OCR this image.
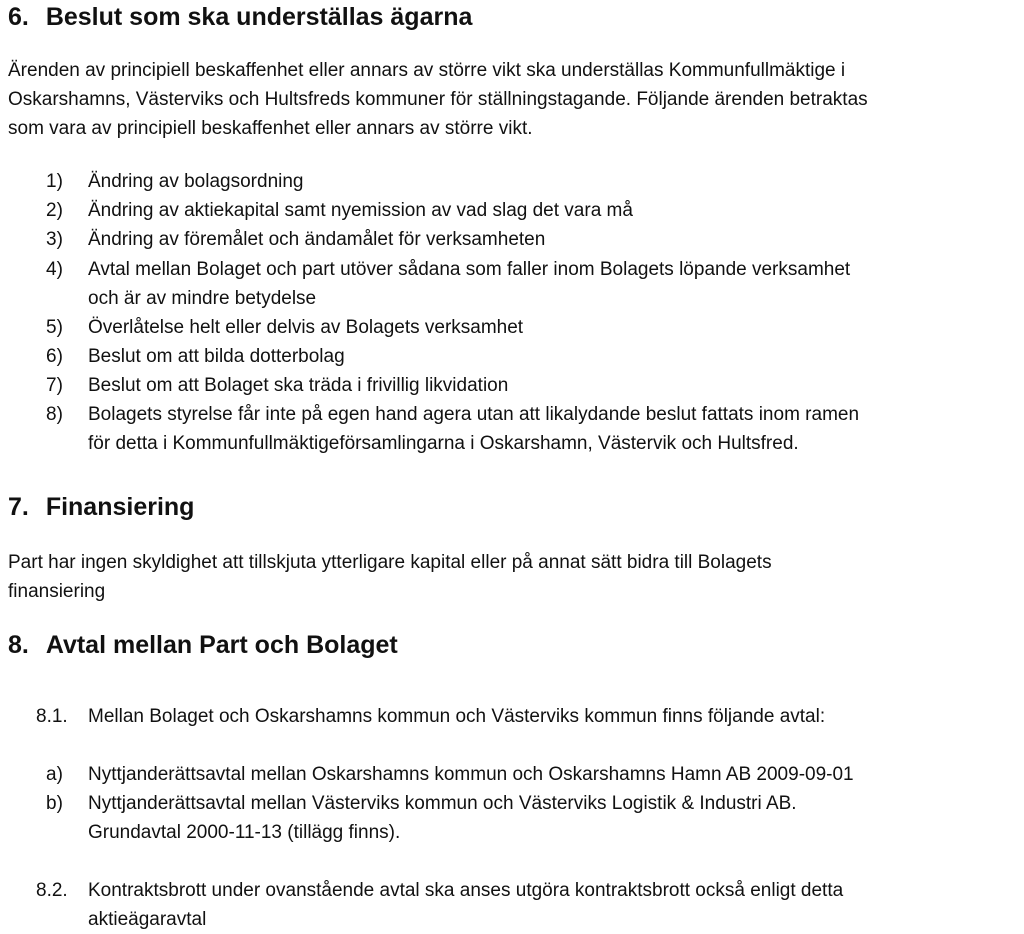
6. Beslut som ska underställas ägarna

Ärenden av principiell beskaffenhet eller annars av större vikt ska underställas Kommunfullmäktige i

Oskarshamns, Västerviks och Hultsfreds kommuner för ställningstagande. Följande ärenden betraktas

som vara av principiell beskaffenhet eller annars av större vikt.

1) Ändring av bolagsordning
2) Ändring av aktiekapital samt nyemission av vad slag det vara må
3) Ändring av föremålet och ändamålet för verksamheten
4) Avtal mellan Bolaget och part utöver sådana som faller inom Bolagets löpande verksamhet
och är av mindre betydelse
5) Överlåtelse helt eller delvis av Bolagets verksamhet
6) Beslut om att bilda dotterbolag
7) Beslut om att Bolaget ska träda i frivillig likvidation
8) Bolagets styrelse får inte på egen hand agera utan att likalydande beslut fattats inom ramen
för detta i Kommunfullmäktigeförsamlingarna i Oskarshamn, Västervik och Hultsfred.
7. Finansiering

Part har ingen skyldighet att tillskjuta ytterligare kapital eller på annat sätt bidra till Bolagets

finansiering

8. Avtal mellan Part och Bolaget
8.1. Mellan Bolaget och Oskarshamns kommun och Västerviks kommun finns följande avtal:
a) Nyttjanderättsavtal mellan Oskarshamns kommun och Oskarshamns Hamn AB 2009-09-01
b) Nyttjanderättsavtal mellan Västerviks kommun och Västerviks Logistik & Industri AB.
Grundavtal 2000-11-13 (tillägg finns).
8.2. Kontraktsbrott under ovanstående avtal ska anses utgöra kontraktsbrott också enligt detta
aktieägaravtal
